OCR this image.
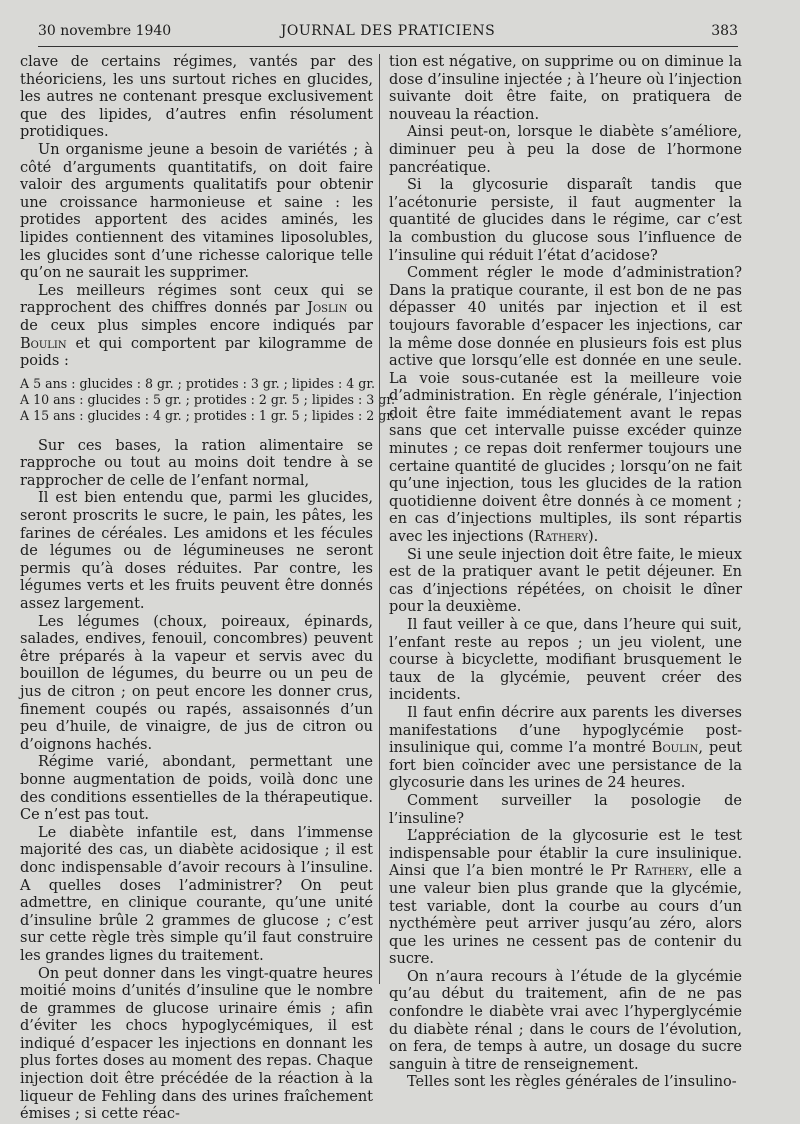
30 novembre 1940	JOURNAL DES PRATICIENS	383

clave de certains régimes, vantés par des théoriciens, les uns surtout riches en glucides, les autres ne contenant presque exclusivement que des lipides, d’autres enfin résolument protidiques.

Un organisme jeune a besoin de variétés ; à côté d’arguments quantitatifs, on doit faire valoir des arguments qualitatifs pour obtenir une croissance harmonieuse et saine : les protides apportent des acides aminés, les lipides contiennent des vitamines liposolubles, les glucides sont d’une richesse calorique telle qu’on ne saurait les supprimer.

Les meilleurs régimes sont ceux qui se rapprochent des chiffres donnés par Joslin ou de ceux plus simples encore indiqués par Boulin et qui comportent par kilogramme de poids :

A 5 ans : glucides : 8 gr. ; protides : 3 gr. ; lipides : 4 gr.
A 10 ans : glucides : 5 gr. ; protides : 2 gr. 5 ; lipides : 3 gr.
A 15 ans : glucides : 4 gr. ; protides : 1 gr. 5 ; lipides : 2 gr.

Sur ces bases, la ration alimentaire se rapproche ou tout au moins doit tendre à se rapprocher de celle de l’enfant normal,

Il est bien entendu que, parmi les glucides, seront proscrits le sucre, le pain, les pâtes, les farines de céréales. Les amidons et les fécules de légumes ou de légumineuses ne seront permis qu’à doses réduites. Par contre, les légumes verts et les fruits peuvent être donnés assez largement.

Les légumes (choux, poireaux, épinards, salades, endives, fenouil, concombres) peuvent être préparés à la vapeur et servis avec du bouillon de légumes, du beurre ou un peu de jus de citron ; on peut encore les donner crus, finement coupés ou rapés, assaisonnés d’un peu d’huile, de vinaigre, de jus de citron ou d’oignons hachés.

Régime varié, abondant, permettant une bonne augmentation de poids, voilà donc une des conditions essentielles de la thérapeutique. Ce n’est pas tout.

Le diabète infantile est, dans l’immense majorité des cas, un diabète acidosique ; il est donc indispensable d’avoir recours à l’insuline. A quelles doses l’administrer? On peut admettre, en clinique courante, qu’une unité d’insuline brûle 2 grammes de glucose ; c’est sur cette règle très simple qu’il faut construire les grandes lignes du traitement.

On peut donner dans les vingt-quatre heures moitié moins d’unités d’insuline que le nombre de grammes de glucose urinaire émis ; afin d’éviter les chocs hypoglycémiques, il est indiqué d’espacer les injections en donnant les plus fortes doses au moment des repas. Chaque injection doit être précédée de la réaction à la liqueur de Fehling dans des urines fraîchement émises ; si cette réac-

tion est négative, on supprime ou on diminue la dose d’insuline injectée ; à l’heure où l’injection suivante doit être faite, on pratiquera de nouveau la réaction.

Ainsi peut-on, lorsque le diabète s’améliore, diminuer peu à peu la dose de l’hormone pancréatique.

Si la glycosurie disparaît tandis que l’acétonurie persiste, il faut augmenter la quantité de glucides dans le régime, car c’est la combustion du glucose sous l’influence de l’insuline qui réduit l’état d’acidose?

Comment régler le mode d’administration? Dans la pratique courante, il est bon de ne pas dépasser 40 unités par injection et il est toujours favorable d’espacer les injections, car la même dose donnée en plusieurs fois est plus active que lorsqu’elle est donnée en une seule. La voie sous-cutanée est la meilleure voie d’administration. En règle générale, l’injection doit être faite immédiatement avant le repas sans que cet intervalle puisse excéder quinze minutes ; ce repas doit renfermer toujours une certaine quantité de glucides ; lorsqu’on ne fait qu’une injection, tous les glucides de la ration quotidienne doivent être donnés à ce moment ; en cas d’injections multiples, ils sont répartis avec les injections (Rathery).

Si une seule injection doit être faite, le mieux est de la pratiquer avant le petit déjeuner. En cas d’injections répétées, on choisit le dîner pour la deuxième.

Il faut veiller à ce que, dans l’heure qui suit, l’enfant reste au repos ; un jeu violent, une course à bicyclette, modifiant brusquement le taux de la glycémie, peuvent créer des incidents.

Il faut enfin décrire aux parents les diverses manifestations d’une hypoglycémie post-insulinique qui, comme l’a montré Boulin, peut fort bien coïncider avec une persistance de la glycosurie dans les urines de 24 heures.

Comment surveiller la posologie de l’insuline?

L’appréciation de la glycosurie est le test indispensable pour établir la cure insulinique. Ainsi que l’a bien montré le Pr Rathery, elle a une valeur bien plus grande que la glycémie, test variable, dont la courbe au cours d’un nycthémère peut arriver jusqu’au zéro, alors que les urines ne cessent pas de contenir du sucre.

On n’aura recours à l’étude de la glycémie qu’au début du traitement, afin de ne pas confondre le diabète vrai avec l’hyperglycémie du diabète rénal ; dans le cours de l’évolution, on fera, de temps à autre, un dosage du sucre sanguin à titre de renseignement.

Telles sont les règles générales de l’insulino-
